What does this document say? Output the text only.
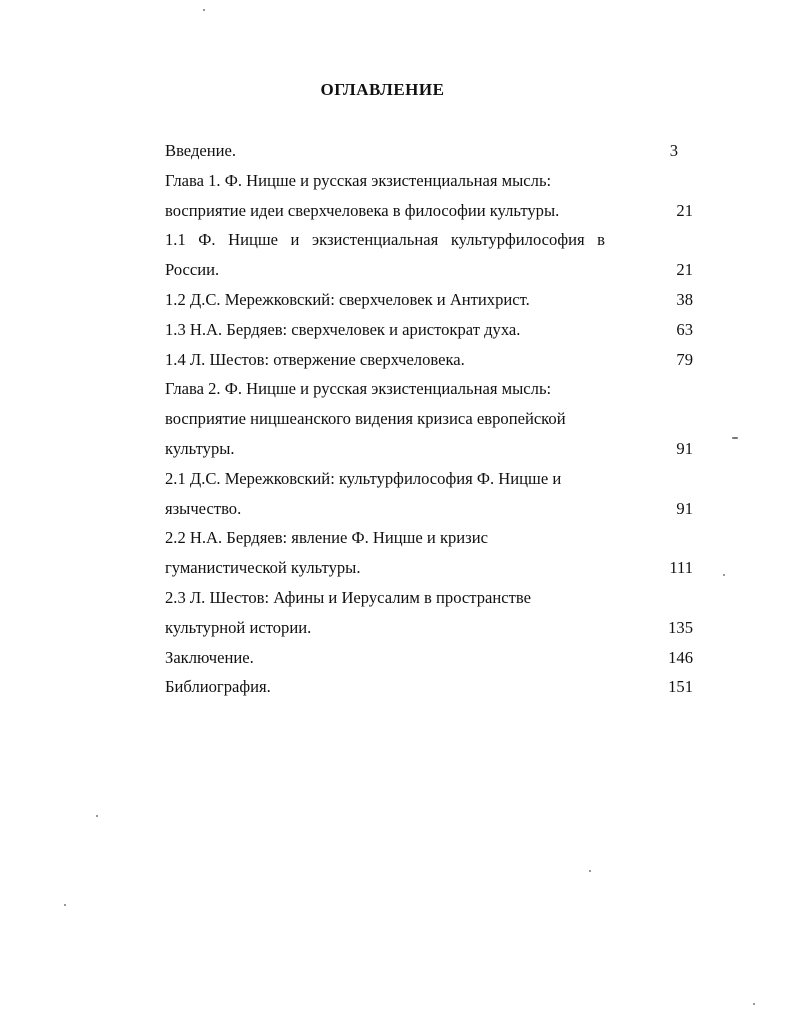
ОГЛАВЛЕНИЕ
Введение.	3
Глава 1. Ф. Ницше и русская экзистенциальная мысль:
восприятие идеи сверхчеловека в философии культуры.	21
1.1 Ф. Ницше и экзистенциальная культурфилософия в
России.	21
1.2 Д.С. Мережковский: сверхчеловек и Антихрист.	38
1.3 Н.А. Бердяев: сверхчеловек и аристократ духа.	63
1.4 Л. Шестов: отвержение сверхчеловека.	79
Глава 2. Ф. Ницше и русская экзистенциальная мысль:
восприятие ницшеанского видения кризиса европейской
культуры.	91
2.1 Д.С. Мережковский: культурфилософия Ф. Ницше и
язычество.	91
2.2 Н.А. Бердяев: явление Ф. Ницше и кризис
гуманистической культуры.	111
2.3 Л. Шестов: Афины и Иерусалим в пространстве
культурной истории.	135
Заключение.	146
Библиография.	151
